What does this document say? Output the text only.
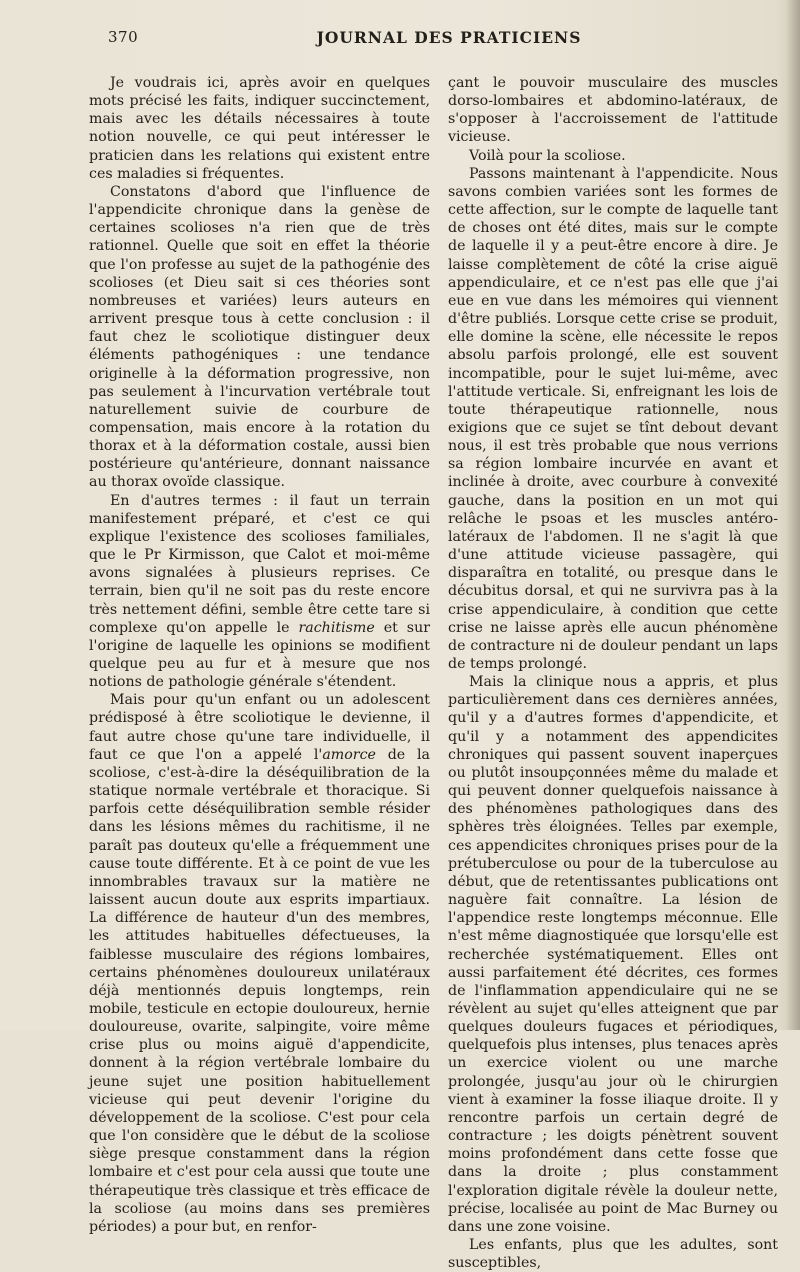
370	JOURNAL DES PRATICIENS

Je voudrais ici, après avoir en quelques mots précisé les faits, indiquer succinctement, mais avec les détails nécessaires à toute notion nouvelle, ce qui peut intéresser le praticien dans les relations qui existent entre ces maladies si fréquentes.

Constatons d'abord que l'influence de l'appendicite chronique dans la genèse de certaines scolioses n'a rien que de très rationnel. Quelle que soit en effet la théorie que l'on professe au sujet de la pathogénie des scolioses (et Dieu sait si ces théories sont nombreuses et variées) leurs auteurs en arrivent presque tous à cette conclusion : il faut chez le scoliotique distinguer deux éléments pathogéniques : une tendance originelle à la déformation progressive, non pas seulement à l'incurvation vertébrale tout naturellement suivie de courbure de compensation, mais encore à la rotation du thorax et à la déformation costale, aussi bien postérieure qu'antérieure, donnant naissance au thorax ovoïde classique.

En d'autres termes : il faut un terrain manifestement préparé, et c'est ce qui explique l'existence des scolioses familiales, que le Pr Kirmisson, que Calot et moi-même avons signalées à plusieurs reprises. Ce terrain, bien qu'il ne soit pas du reste encore très nettement défini, semble être cette tare si complexe qu'on appelle le rachitisme et sur l'origine de laquelle les opinions se modifient quelque peu au fur et à mesure que nos notions de pathologie générale s'étendent.

Mais pour qu'un enfant ou un adolescent prédisposé à être scoliotique le devienne, il faut autre chose qu'une tare individuelle, il faut ce que l'on a appelé l'amorce de la scoliose, c'est-à-dire la déséquilibration de la statique normale vertébrale et thoracique. Si parfois cette déséquilibration semble résider dans les lésions mêmes du rachitisme, il ne paraît pas douteux qu'elle a fréquemment une cause toute différente. Et à ce point de vue les innombrables travaux sur la matière ne laissent aucun doute aux esprits impartiaux. La différence de hauteur d'un des membres, les attitudes habituelles défectueuses, la faiblesse musculaire des régions lombaires, certains phénomènes douloureux unilatéraux déjà mentionnés depuis longtemps, rein mobile, testicule en ectopie douloureux, hernie douloureuse, ovarite, salpingite, voire même crise plus ou moins aiguë d'appendicite, donnent à la région vertébrale lombaire du jeune sujet une position habituellement vicieuse qui peut devenir l'origine du développement de la scoliose. C'est pour cela que l'on considère que le début de la scoliose siège presque constamment dans la région lombaire et c'est pour cela aussi que toute une thérapeutique très classique et très efficace de la scoliose (au moins dans ses premières périodes) a pour but, en renfor-

çant le pouvoir musculaire des muscles dorso-lombaires et abdomino-latéraux, de s'opposer à l'accroissement de l'attitude vicieuse.

Voilà pour la scoliose.

Passons maintenant à l'appendicite. Nous savons combien variées sont les formes de cette affection, sur le compte de laquelle tant de choses ont été dites, mais sur le compte de laquelle il y a peut-être encore à dire. Je laisse complètement de côté la crise aiguë appendiculaire, et ce n'est pas elle que j'ai eue en vue dans les mémoires qui viennent d'être publiés. Lorsque cette crise se produit, elle domine la scène, elle nécessite le repos absolu parfois prolongé, elle est souvent incompatible, pour le sujet lui-même, avec l'attitude verticale. Si, enfreignant les lois de toute thérapeutique rationnelle, nous exigions que ce sujet se tînt debout devant nous, il est très probable que nous verrions sa région lombaire incurvée en avant et inclinée à droite, avec courbure à convexité gauche, dans la position en un mot qui relâche le psoas et les muscles antéro-latéraux de l'abdomen. Il ne s'agit là que d'une attitude vicieuse passagère, qui disparaîtra en totalité, ou presque dans le décubitus dorsal, et qui ne survivra pas à la crise appendiculaire, à condition que cette crise ne laisse après elle aucun phénomène de contracture ni de douleur pendant un laps de temps prolongé.

Mais la clinique nous a appris, et plus particulièrement dans ces dernières années, qu'il y a d'autres formes d'appendicite, et qu'il y a notamment des appendicites chroniques qui passent souvent inaperçues ou plutôt insoupçonnées même du malade et qui peuvent donner quelquefois naissance à des phénomènes pathologiques dans des sphères très éloignées. Telles par exemple, ces appendicites chroniques prises pour de la prétuberculose ou pour de la tuberculose au début, que de retentissantes publications ont naguère fait connaître. La lésion de l'appendice reste longtemps méconnue. Elle n'est même diagnostiquée que lorsqu'elle est recherchée systématiquement. Elles ont aussi parfaitement été décrites, ces formes de l'inflammation appendiculaire qui ne se révèlent au sujet qu'elles atteignent que par quelques douleurs fugaces et périodiques, quelquefois plus intenses, plus tenaces après un exercice violent ou une marche prolongée, jusqu'au jour où le chirurgien vient à examiner la fosse iliaque droite. Il y rencontre parfois un certain degré de contracture ; les doigts pénètrent souvent moins profondément dans cette fosse que dans la droite ; plus constamment l'exploration digitale révèle la douleur nette, précise, localisée au point de Mac Burney ou dans une zone voisine.

Les enfants, plus que les adultes, sont susceptibles,
